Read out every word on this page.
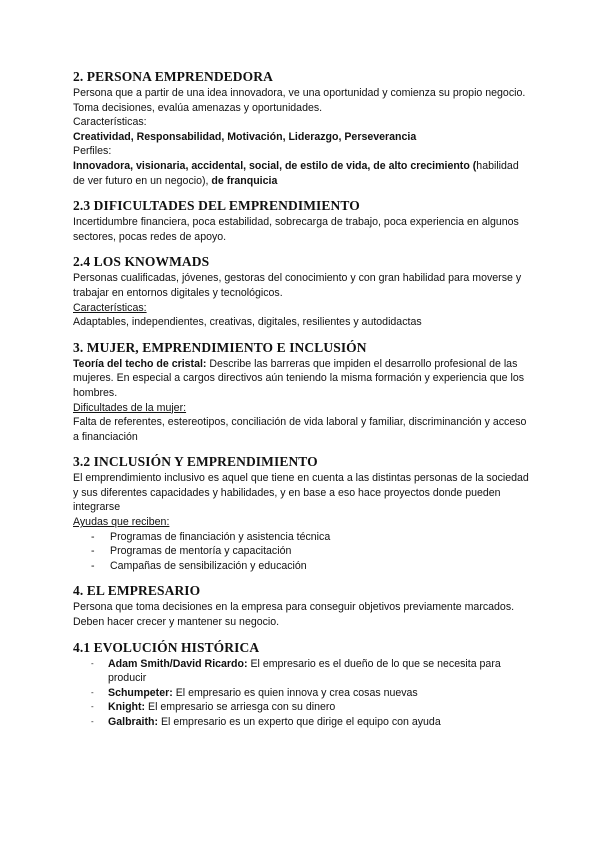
2. PERSONA EMPRENDEDORA

Persona que a partir de una idea innovadora, ve una oportunidad y comienza su propio negocio. Toma decisiones, evalúa amenazas y oportunidades.

Características:

Creatividad, Responsabilidad, Motivación, Liderazgo, Perseverancia

Perfiles:

Innovadora, visionaria, accidental, social, de estilo de vida, de alto crecimiento (habilidad de ver futuro en un negocio), de franquicia

2.3 DIFICULTADES DEL EMPRENDIMIENTO

Incertidumbre financiera, poca estabilidad, sobrecarga de trabajo, poca experiencia en algunos sectores, pocas redes de apoyo.

2.4 LOS KNOWMADS

Personas cualificadas, jóvenes, gestoras del conocimiento y con gran habilidad para moverse y trabajar en entornos digitales y tecnológicos.

Características:

Adaptables, independientes, creativas, digitales, resilientes y autodidactas

3. MUJER, EMPRENDIMIENTO E INCLUSIÓN

Teoría del techo de cristal: Describe las barreras que impiden el desarrollo profesional de las mujeres. En especial a cargos directivos aún teniendo la misma formación y experiencia que los hombres.

Dificultades de la mujer:

Falta de referentes, estereotipos, conciliación de vida laboral y familiar, discriminanción y acceso a financiación

3.2 INCLUSIÓN Y EMPRENDIMIENTO

El emprendimiento inclusivo es aquel que tiene en cuenta a las distintas personas de la sociedad y sus diferentes capacidades y habilidades, y en base a eso hace proyectos donde pueden integrarse

Ayudas que reciben:

- Programas de financiación y asistencia técnica
- Programas de mentoría y capacitación
- Campañas de sensibilización y educación
4. EL EMPRESARIO

Persona que toma decisiones en la empresa para conseguir objetivos previamente marcados. Deben hacer crecer y mantener su negocio.

4.1 EVOLUCIÓN HISTÓRICA
- Adam Smith/David Ricardo: El empresario es el dueño de lo que se necesita para producir
- Schumpeter: El empresario es quien innova y crea cosas nuevas
- Knight: El empresario se arriesga con su dinero
- Galbraith: El empresario es un experto que dirige el equipo con ayuda
